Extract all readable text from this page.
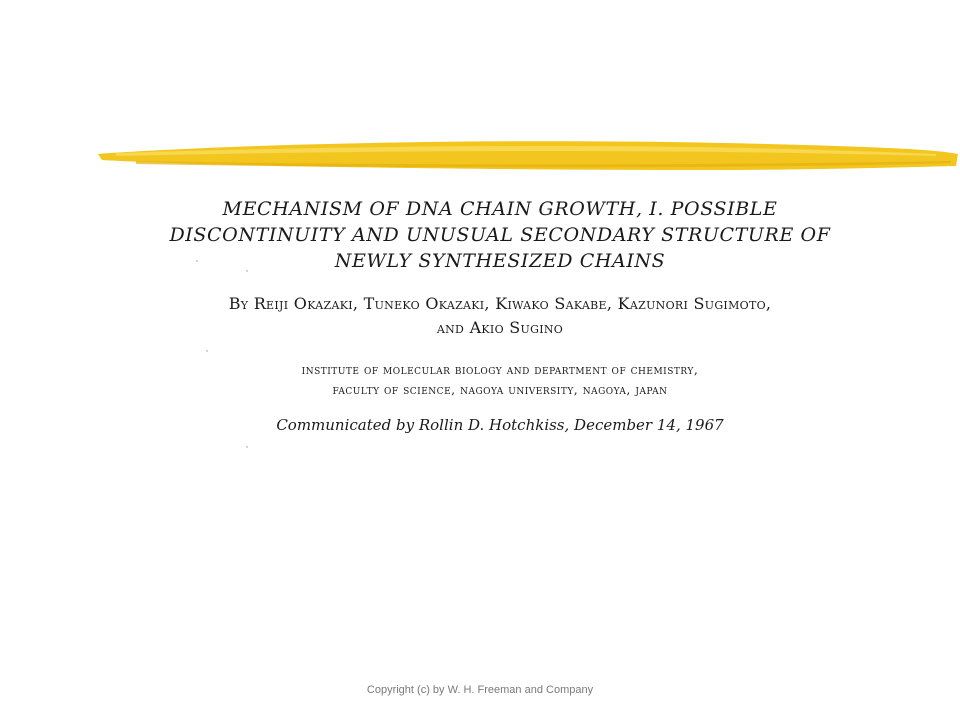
MECHANISM OF DNA CHAIN GROWTH, I. POSSIBLE
DISCONTINUITY AND UNUSUAL SECONDARY STRUCTURE OF
NEWLY SYNTHESIZED CHAINS
By Reiji Okazaki, Tuneko Okazaki, Kiwako Sakabe, Kazunori Sugimoto,
and Akio Sugino
institute of molecular biology and department of chemistry,
faculty of science, nagoya university, nagoya, japan
Communicated by Rollin D. Hotchkiss, December 14, 1967
Copyright (c) by W. H. Freeman and Company
